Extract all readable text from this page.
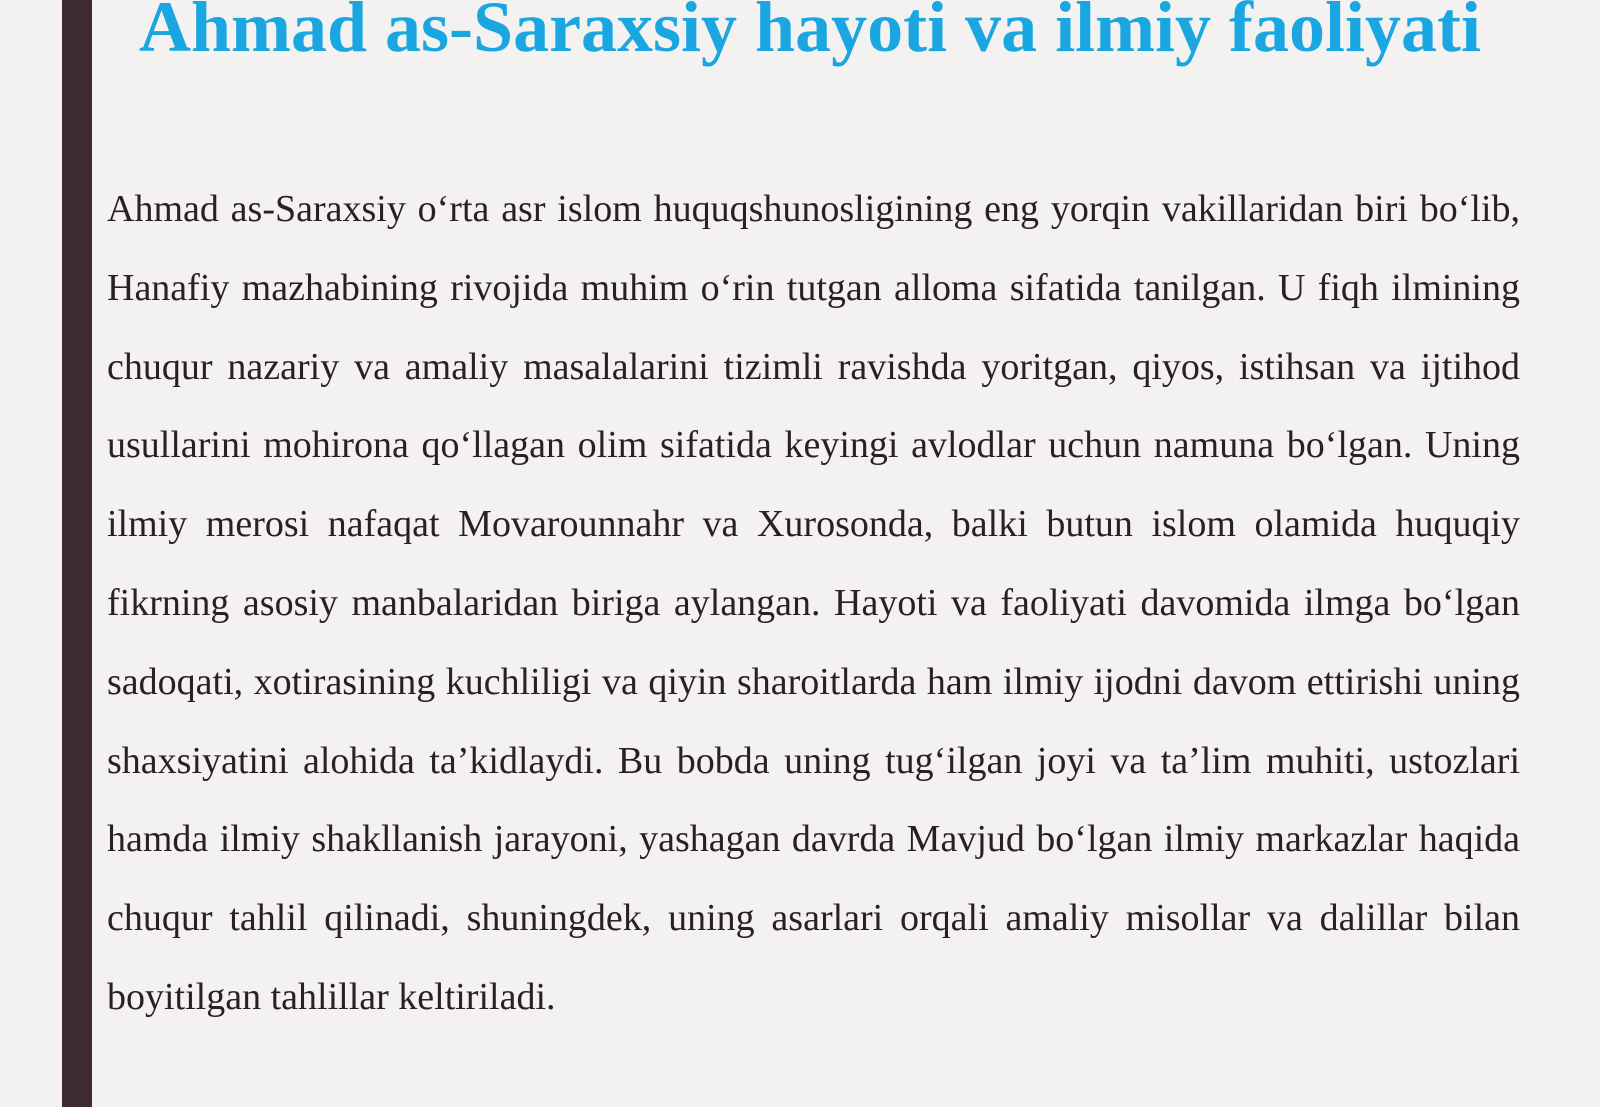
Ahmad as-Saraxsiy hayoti va ilmiy faoliyati

Ahmad as-Saraxsiy o‘rta asr islom huquqshunosligining eng yorqin vakillaridan biri bo‘lib, Hanafiy mazhabining rivojida muhim o‘rin tutgan alloma sifatida tanilgan. U fiqh ilmining chuqur nazariy va amaliy masalalarini tizimli ravishda yoritgan, qiyos, istihsan va ijtihod usullarini mohirona qo‘llagan olim sifatida keyingi avlodlar uchun namuna bo‘lgan. Uning ilmiy merosi nafaqat Movarounnahr va Xurosonda, balki butun islom olamida huquqiy fikrning asosiy manbalaridan biriga aylangan. Hayoti va faoliyati davomida ilmga bo‘lgan sadoqati, xotirasining kuchliligi va qiyin sharoitlarda ham ilmiy ijodni davom ettirishi uning shaxsiyatini alohida ta’kidlaydi. Bu bobda uning tug‘ilgan joyi va ta’lim muhiti, ustozlari hamda ilmiy shakllanish jarayoni, yashagan davrda Mavjud bo‘lgan ilmiy markazlar haqida chuqur tahlil qilinadi, shuningdek, uning asarlari orqali amaliy misollar va dalillar bilan boyitilgan tahlillar keltiriladi.
